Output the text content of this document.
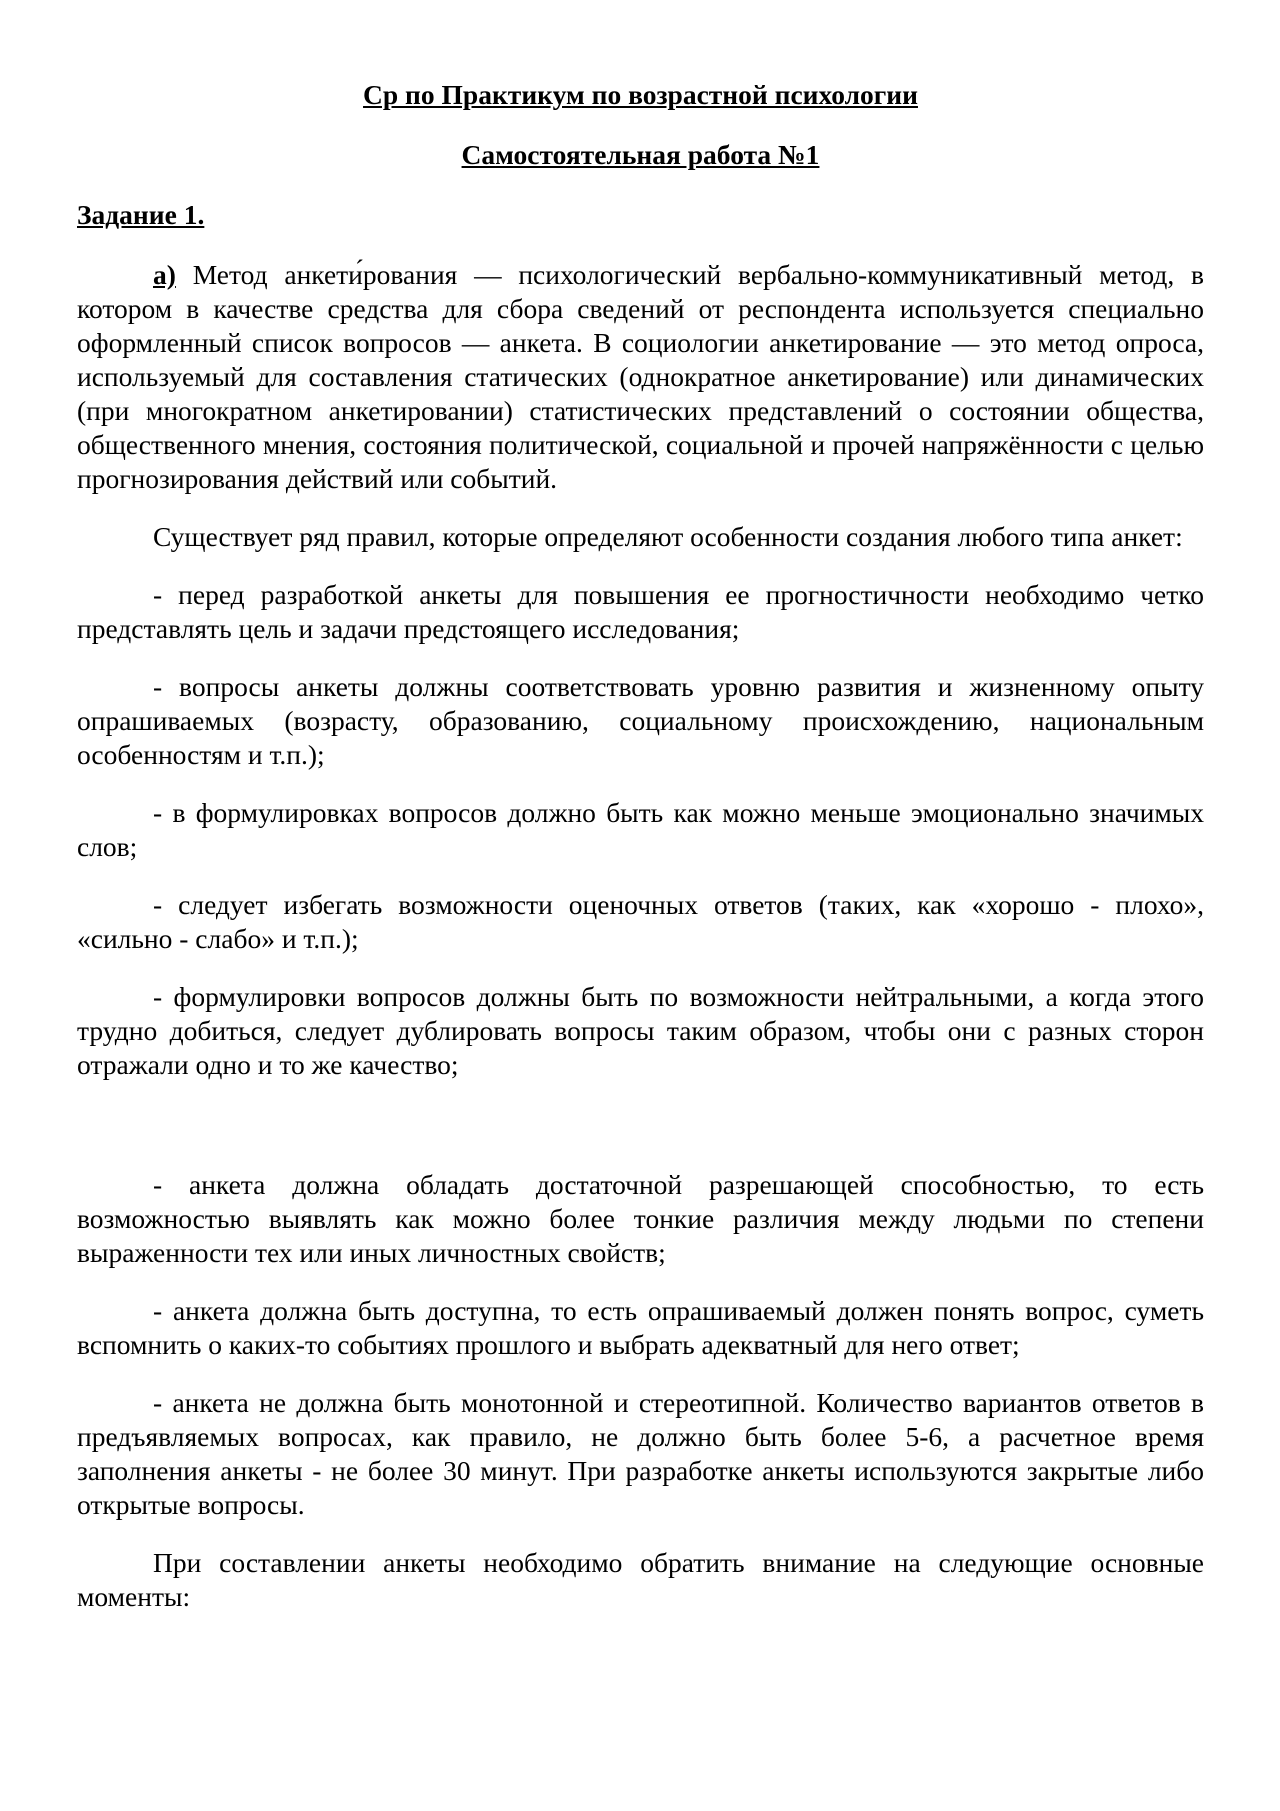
Ср по Практикум по возрастной психологии
Самостоятельная работа №1
Задание 1.

а) Метод анкети́рования — психологический вербально-коммуникативный метод, в котором в качестве средства для сбора сведений от респондента используется специально оформленный список вопросов — анкета. В социологии анкетирование — это метод опроса, используемый для составления статических (однократное анкетирование) или динамических (при многократном анкетировании) статистических представлений о состоянии общества, общественного мнения, состояния политической, социальной и прочей напряжённости с целью прогнозирования действий или событий.

Существует ряд правил, которые определяют особенности создания любого типа анкет:

- перед разработкой анкеты для повышения ее прогностичности необходимо четко представлять цель и задачи предстоящего исследования;

- вопросы анкеты должны соответствовать уровню развития и жизненному опыту опрашиваемых (возрасту, образованию, социальному происхождению, национальным особенностям и т.п.);

- в формулировках вопросов должно быть как можно меньше эмоционально значимых слов;

- следует избегать возможности оценочных ответов (таких, как «хорошо - плохо», «сильно - слабо» и т.п.);

- формулировки вопросов должны быть по возможности нейтральными, а когда этого трудно добиться, следует дублировать вопросы таким образом, чтобы они с разных сторон отражали одно и то же качество;

- анкета должна обладать достаточной разрешающей способностью, то есть возможностью выявлять как можно более тонкие различия между людьми по степени выраженности тех или иных личностных свойств;

- анкета должна быть доступна, то есть опрашиваемый должен понять вопрос, суметь вспомнить о каких-то событиях прошлого и выбрать адекватный для него ответ;

- анкета не должна быть монотонной и стереотипной. Количество вариантов ответов в предъявляемых вопросах, как правило, не должно быть более 5-6, а расчетное время заполнения анкеты - не более 30 минут. При разработке анкеты используются закрытые либо открытые вопросы.

При составлении анкеты необходимо обратить внимание на следующие основные моменты:
